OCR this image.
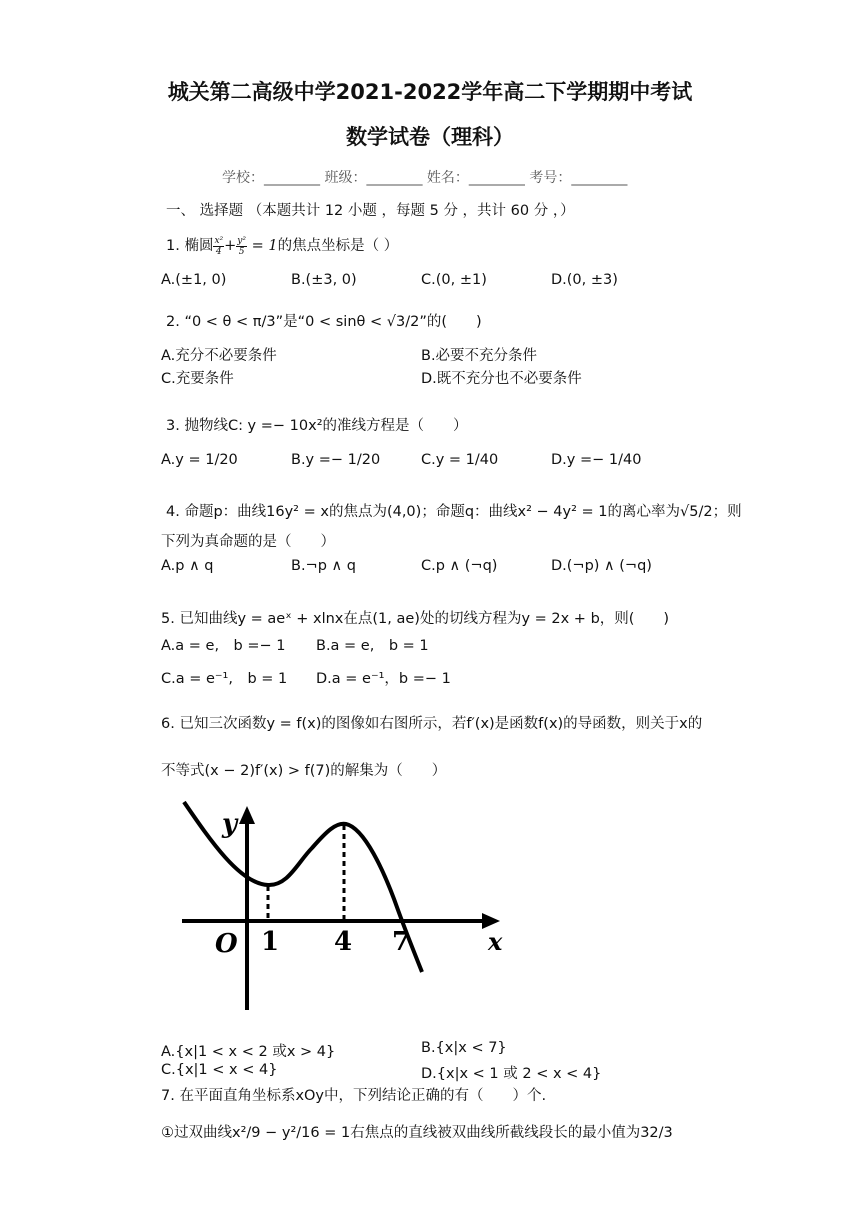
城关第二高级中学2021-2022学年高二下学期期中考试
数学试卷（理科）
学校：________ 班级：________ 姓名：________ 考号：________
一、 选择题 （本题共计 12 小题 ，每题 5 分 ，共计 60 分 ，）
1. 椭圆 $\frac{\text{x²}}{4} + \frac{\text{y²}}{5} = 1$的焦点坐标是（ ）
A.(±1, 0)	B.(±3, 0)	C.(0, ±1)	D.(0, ±3)
2. “0 < θ < π/3”是“0 < sinθ < √3/2”的(　　)
A.充分不必要条件	B.必要不充分条件
C.充要条件	D.既不充分也不必要条件
3. 抛物线C: y =− 10x²的准线方程是（　　）
A.y = 1/20	B.y =− 1/20	C.y = 1/40	D.y =− 1/40
4. 命题p：曲线16y² = x的焦点为(4,0)；命题q：曲线x² − 4y² = 1的离心率为√5/2；则
下列为真命题的是（　　）
A.p ∧ q	B.¬p ∧ q	C.p ∧ (¬q)	D.(¬p) ∧ (¬q)
5. 已知曲线y = aeˣ + xlnx在点(1, ae)处的切线方程为y = 2x + b，则(　　)
A.a = e,　b =− 1 B.a = e,　b = 1
C.a = e⁻¹,　b = 1 D.a = e⁻¹，b =− 1
6. 已知三次函数y = f(x)的图像如右图所示，若f′(x)是函数f(x)的导函数，则关于x的
不等式(x − 2)f′(x) > f(7)的解集为（　　）
y
x
O 1 4 7
A.{x|1 < x < 2 或x > 4}	B.{x|x < 7}
C.{x|1 < x < 4}	D.{x|x < 1 或 2 < x < 4}
7. 在平面直角坐标系xOy中，下列结论正确的有（　　）个.
①过双曲线x²/9 − y²/16 = 1右焦点的直线被双曲线所截线段长的最小值为32/3
